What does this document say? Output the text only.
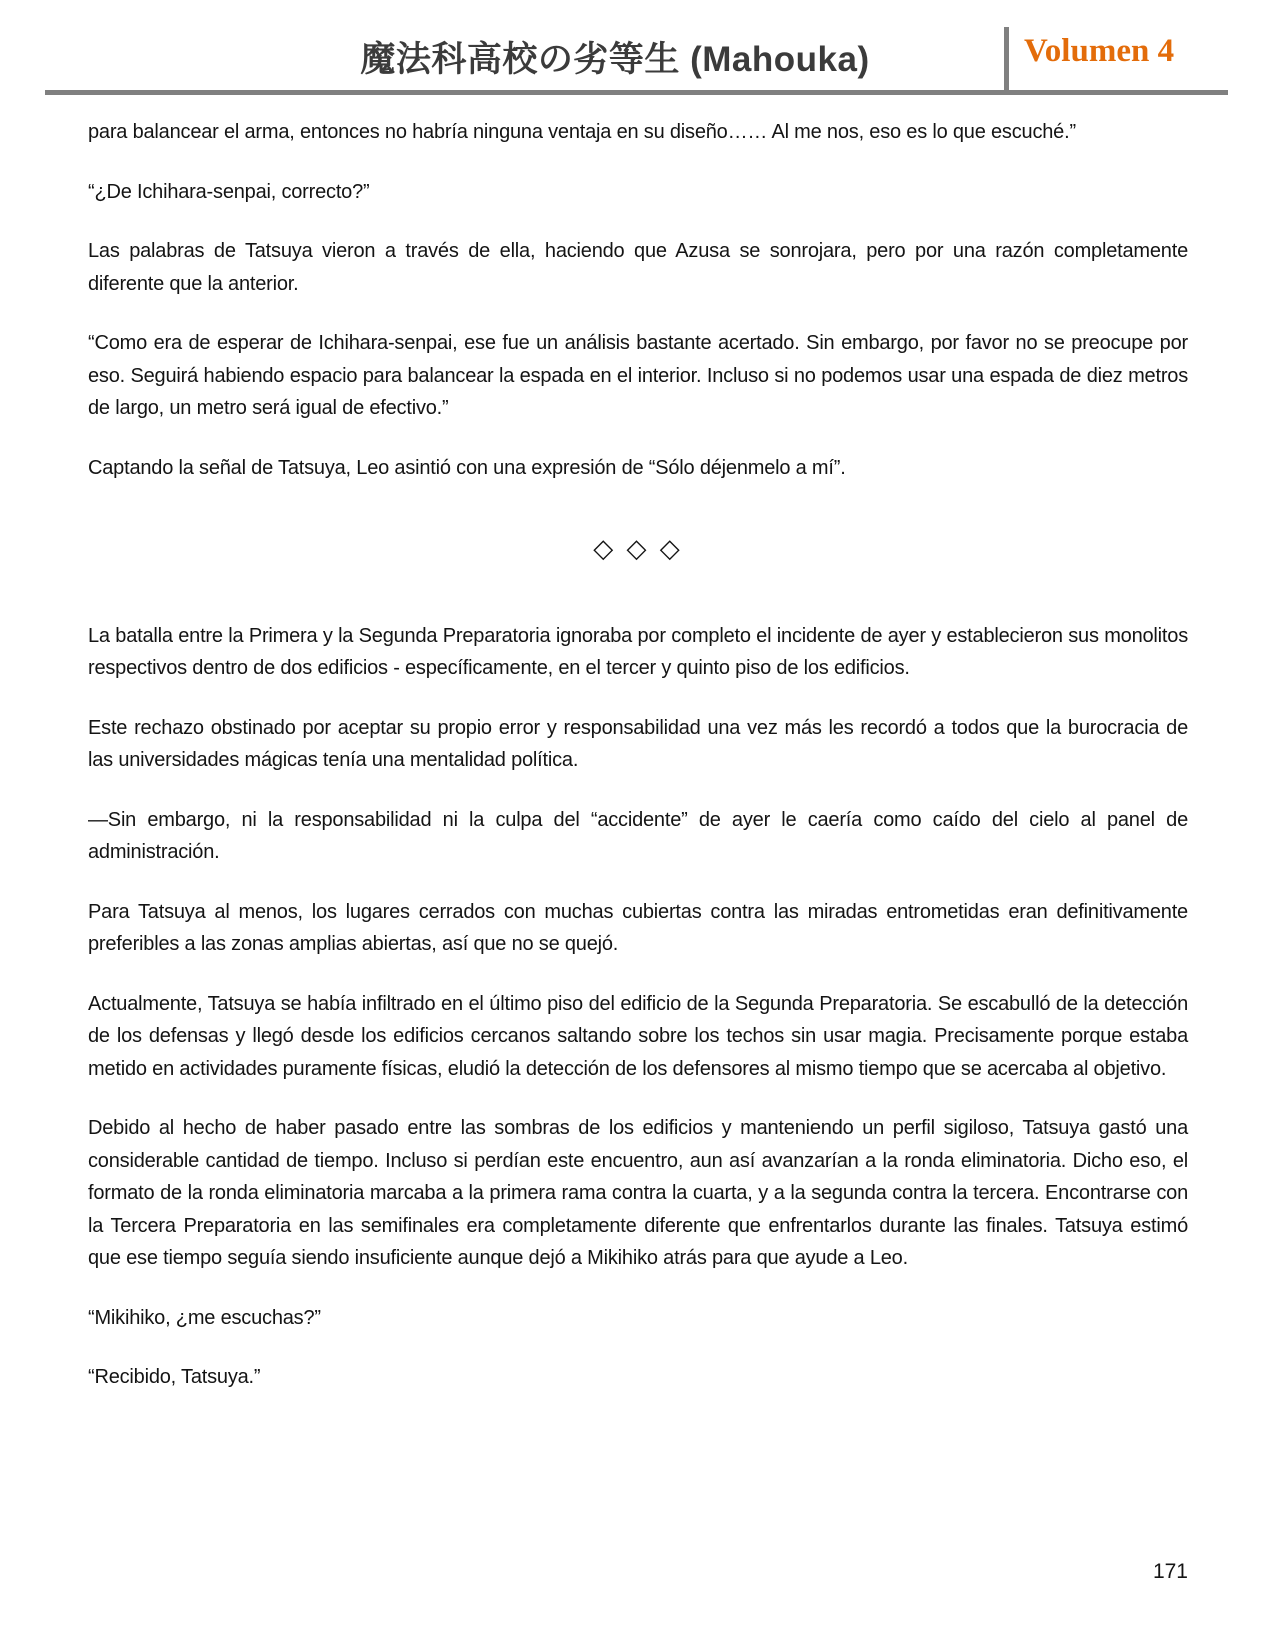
魔法科高校の劣等生 (Mahouka)	Volumen 4

para balancear el arma, entonces no habría ninguna ventaja en su diseño…… Al me nos, eso es lo que escuché.”

“¿De Ichihara-senpai, correcto?”

Las palabras de Tatsuya vieron a través de ella, haciendo que Azusa se sonrojara, pero por una razón completamente diferente que la anterior.

“Como era de esperar de Ichihara-senpai, ese fue un análisis bastante acertado. Sin embargo, por favor no se preocupe por eso. Seguirá habiendo espacio para balancear la espada en el interior. Incluso si no podemos usar una espada de diez metros de largo, un metro será igual de efectivo.”

Captando la señal de Tatsuya, Leo asintió con una expresión de “Sólo déjenmelo a mí”.

◇ ◇ ◇

La batalla entre la Primera y la Segunda Preparatoria ignoraba por completo el incidente de ayer y establecieron sus monolitos respectivos dentro de dos edificios - específicamente, en el tercer y quinto piso de los edificios.

Este rechazo obstinado por aceptar su propio error y responsabilidad una vez más les recordó a todos que la burocracia de las universidades mágicas tenía una mentalidad política.

—Sin embargo, ni la responsabilidad ni la culpa del “accidente” de ayer le caería como caído del cielo al panel de administración.

Para Tatsuya al menos, los lugares cerrados con muchas cubiertas contra las miradas entrometidas eran definitivamente preferibles a las zonas amplias abiertas, así que no se quejó.

Actualmente, Tatsuya se había infiltrado en el último piso del edificio de la Segunda Preparatoria. Se escabulló de la detección de los defensas y llegó desde los edificios cercanos saltando sobre los techos sin usar magia. Precisamente porque estaba metido en actividades puramente físicas, eludió la detección de los defensores al mismo tiempo que se acercaba al objetivo.

Debido al hecho de haber pasado entre las sombras de los edificios y manteniendo un perfil sigiloso, Tatsuya gastó una considerable cantidad de tiempo. Incluso si perdían este encuentro, aun así avanzarían a la ronda eliminatoria. Dicho eso, el formato de la ronda eliminatoria marcaba a la primera rama contra la cuarta, y a la segunda contra la tercera. Encontrarse con la Tercera Preparatoria en las semifinales era completamente diferente que enfrentarlos durante las finales. Tatsuya estimó que ese tiempo seguía siendo insuficiente aunque dejó a Mikihiko atrás para que ayude a Leo.

“Mikihiko, ¿me escuchas?”

“Recibido, Tatsuya.”

171
